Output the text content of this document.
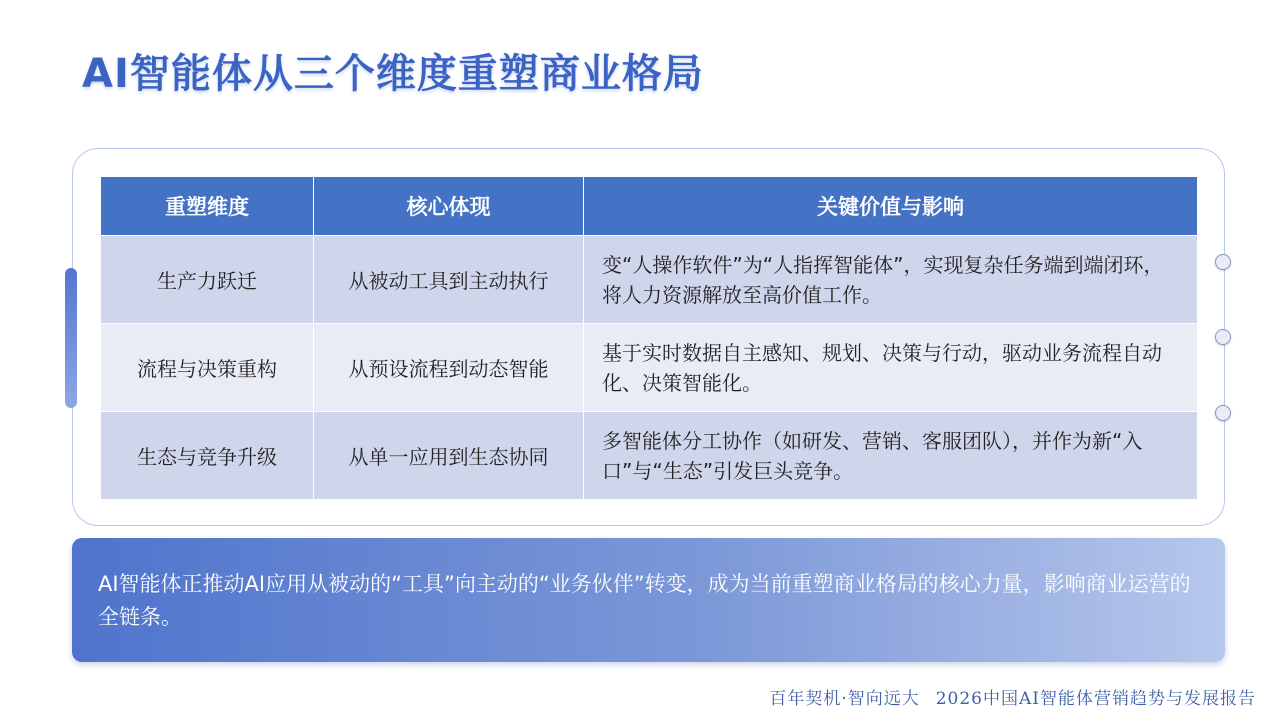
AI智能体从三个维度重塑商业格局
重塑维度	核心体现	关键价值与影响
生产力跃迁	从被动工具到主动执行	变“人操作软件”为“人指挥智能体”，实现复杂任务端到端闭环，将人力资源解放至高价值工作。
流程与决策重构	从预设流程到动态智能	基于实时数据自主感知、规划、决策与行动，驱动业务流程自动化、决策智能化。
生态与竞争升级	从单一应用到生态协同	多智能体分工协作（如研发、营销、客服团队），并作为新“入口”与“生态”引发巨头竞争。
AI智能体正推动AI应用从被动的“工具”向主动的“业务伙伴”转变，成为当前重塑商业格局的核心力量，影响商业运营的全链条。
百年契机·智向远大 2026中国AI智能体营销趋势与发展报告
